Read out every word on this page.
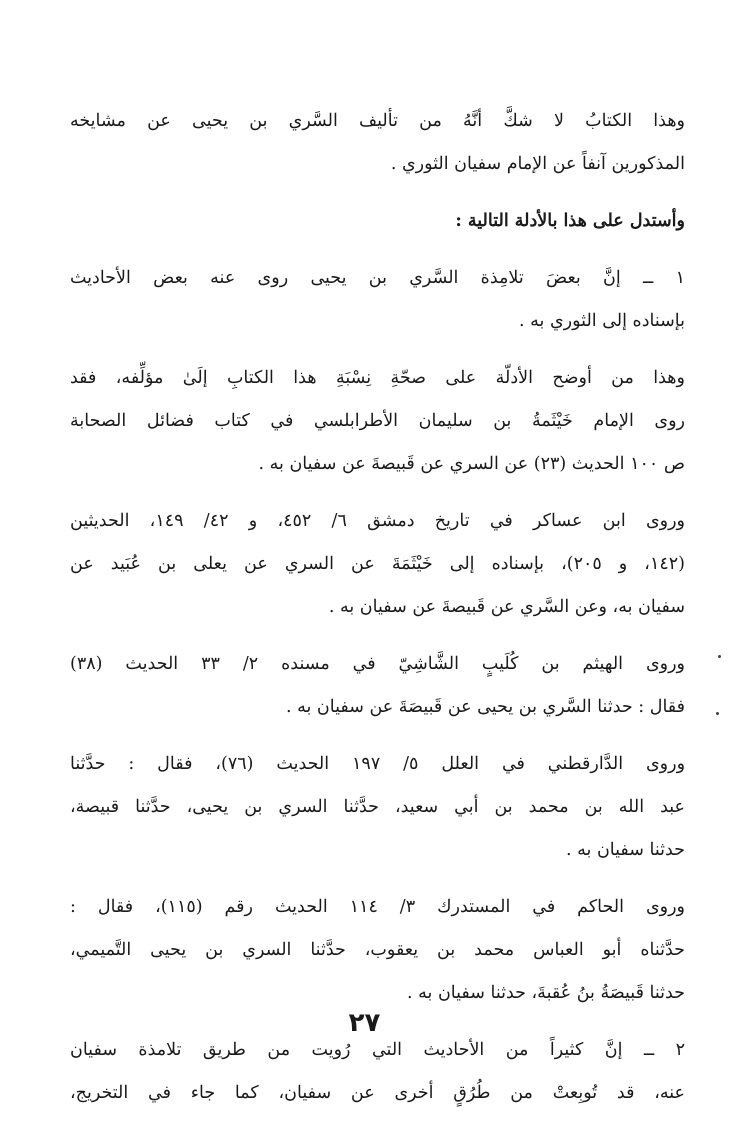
وهذا الكتابُ لا شكَّ أنَّهُ من تأليف السَّري بن يحيى عن مشايخه
المذكورين آنفاً عن الإمام سفيان الثوري .
وأستدل على هذا بالأدلة التالية :
١ ــ إنَّ بعضَ تلامِذة السَّري بن يحيى روى عنه بعض الأحاديث
بإسناده إلى الثوري به .
وهذا من أوضح الأدلّة على صحّةِ نِسْبَةِ هذا الكتابِ إلَىٰ مؤلِّفه، فقد
روى الإمام خَيْثَمةُ بن سليمان الأطرابلسي في كتاب فضائل الصحابة
ص ١٠٠ الحديث (٢٣) عن السري عن قَبيصةَ عن سفيان به .
وروى ابن عساكر في تاريخ دمشق ٦/ ٤٥٢، و ٤٢/ ١٤٩، الحديثين
(١٤٢، و ٢٠٥)، بإسناده إلى خَيْثَمَةَ عن السري عن يعلى بن عُبَيد عن
سفيان به، وعن السَّري عن قَبيصةَ عن سفيان به .
وروى الهيثم بن كُلَيبٍ الشَّاشِيّ في مسنده ٢/ ٣٣ الحديث (٣٨)
فقال : حدثنا السَّري بن يحيى عن قَبيصَةَ عن سفيان به .
وروى الدَّارقطني في العلل ٥/ ١٩٧ الحديث (٧٦)، فقال : حدَّثنا
عبد الله بن محمد بن أبي سعيد، حدَّثنا السري بن يحيى، حدَّثنا قبيصة،
حدثنا سفيان به .
وروى الحاكم في المستدرك ٣/ ١١٤ الحديث رقم (١١٥)، فقال :
حدَّثناه أبو العباس محمد بن يعقوب، حدَّثنا السري بن يحيى التَّميمي،
حدثنا قَبيصَةُ بنُ عُقبةَ، حدثنا سفيان به .
٢ ــ إنَّ كثيراً من الأحاديث التي رُويت من طريق تلامذة سفيان
عنه، قد تُوبِعتْ من طُرُقٍ أخرى عن سفيان، كما جاء في التخريج،
٢٧
